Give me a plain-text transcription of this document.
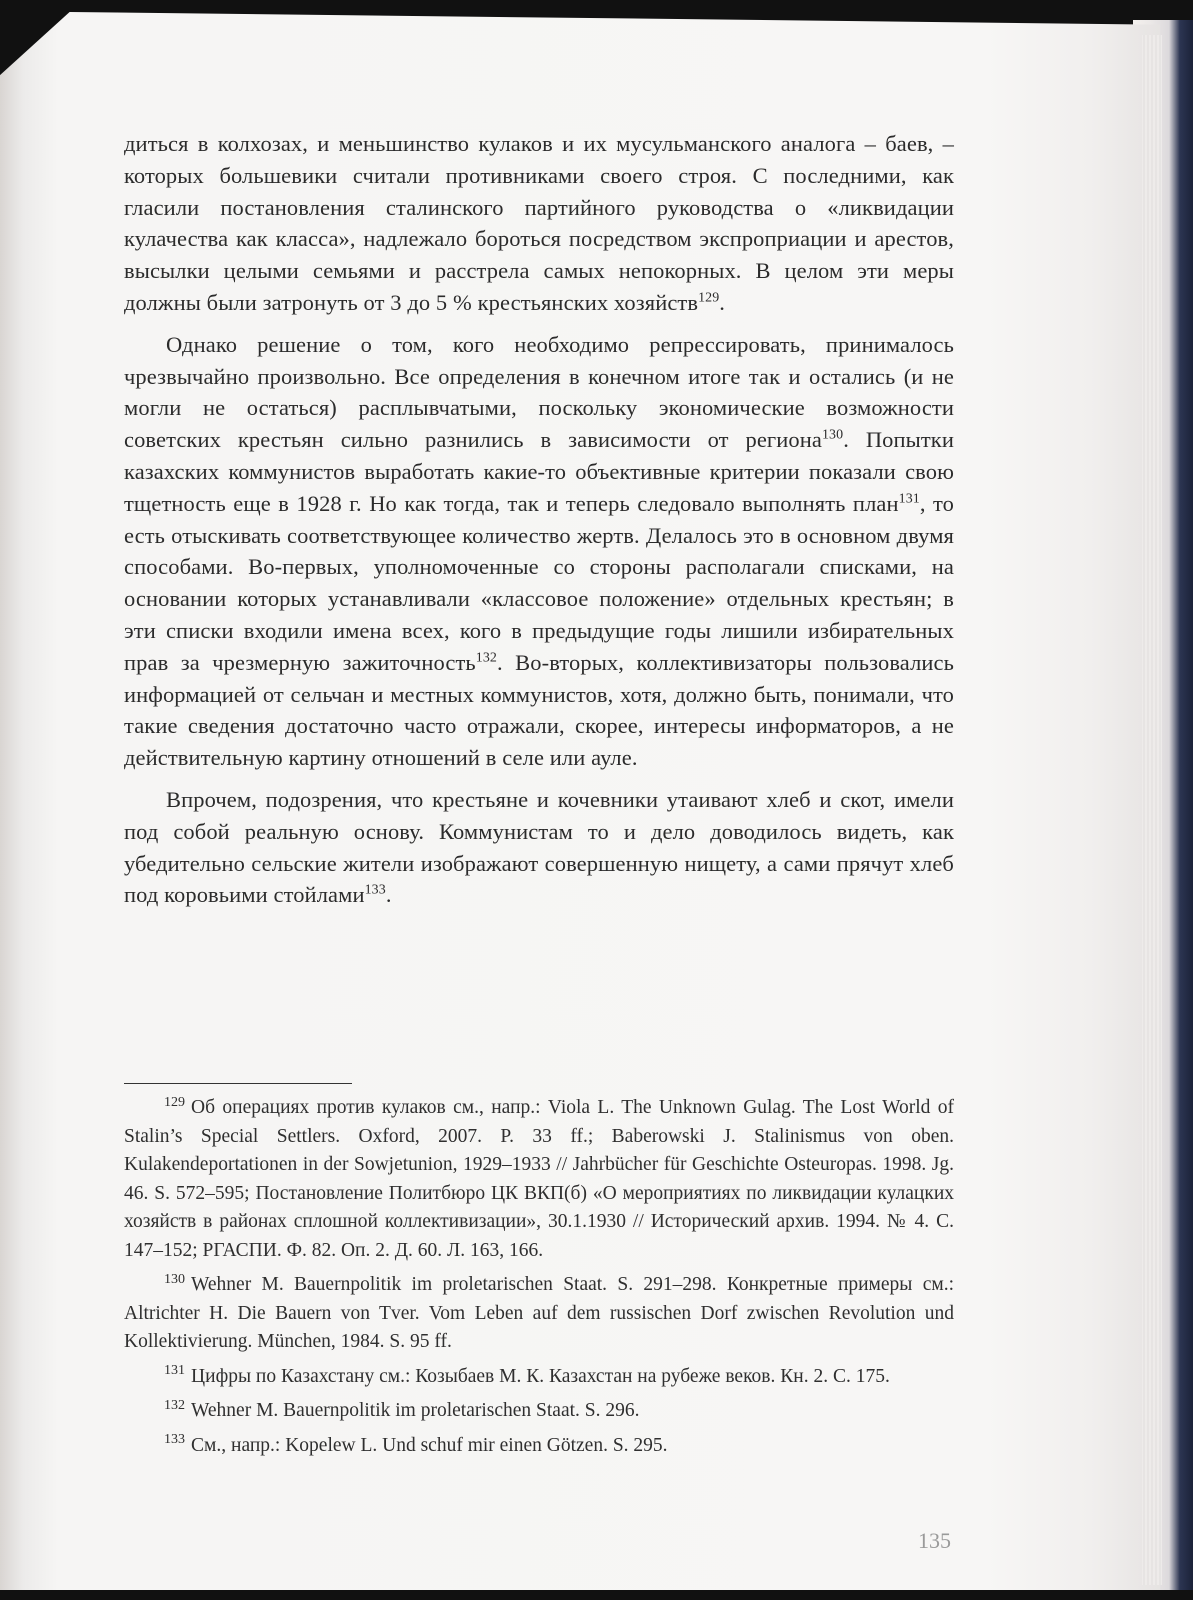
диться в колхозах, и меньшинство кулаков и их мусульманского аналога – баев, – которых большевики считали противниками своего строя. С последними, как гласили постановления сталинского партийного руководства о «ликвидации кулачества как класса», надлежало бороться посредством экспроприации и арестов, высылки целыми семьями и расстрела самых непокорных. В целом эти меры должны были затронуть от 3 до 5 % крестьянских хозяйств$^{129}$.

Однако решение о том, кого необходимо репрессировать, принималось чрезвычайно произвольно. Все определения в конечном итоге так и остались (и не могли не остаться) расплывчатыми, поскольку экономические возможности советских крестьян сильно разнились в зависимости от региона$^{130}$. Попытки казахских коммунистов выработать какие-то объективные критерии показали свою тщетность еще в 1928 г. Но как тогда, так и теперь следовало выполнять план$^{131}$, то есть отыскивать соответствующее количество жертв. Делалось это в основном двумя способами. Во-первых, уполномоченные со стороны располагали списками, на основании которых устанавливали «классовое положение» отдельных крестьян; в эти списки входили имена всех, кого в предыдущие годы лишили избирательных прав за чрезмерную зажиточность$^{132}$. Во-вторых, коллективизаторы пользовались информацией от сельчан и местных коммунистов, хотя, должно быть, понимали, что такие сведения достаточно часто отражали, скорее, интересы информаторов, а не действительную картину отношений в селе или ауле.

Впрочем, подозрения, что крестьяне и кочевники утаивают хлеб и скот, имели под собой реальную основу. Коммунистам то и дело доводилось видеть, как убедительно сельские жители изображают совершенную нищету, а сами прячут хлеб под коровьими стойлами$^{133}$.

$^{129}$ Об операциях против кулаков см., напр.: Viola L. The Unknown Gulag. The Lost World of Stalin’s Special Settlers. Oxford, 2007. P. 33 ff.; Baberowski J. Stalinismus von oben. Kulakendeportationen in der Sowjetunion, 1929–1933 // Jahrbücher für Geschichte Osteuropas. 1998. Jg. 46. S. 572–595; Постановление Политбюро ЦК ВКП(б) «О мероприятиях по ликвидации кулацких хозяйств в районах сплошной коллективизации», 30.1.1930 // Исторический архив. 1994. № 4. С. 147–152; РГАСПИ. Ф. 82. Оп. 2. Д. 60. Л. 163, 166.

$^{130}$ Wehner M. Bauernpolitik im proletarischen Staat. S. 291–298. Конкретные примеры см.: Altrichter H. Die Bauern von Tver. Vom Leben auf dem russischen Dorf zwischen Revolution und Kollektivierung. München, 1984. S. 95 ff.

$^{131}$ Цифры по Казахстану см.: Козыбаев М. К. Казахстан на рубеже веков. Кн. 2. С. 175.

$^{132}$ Wehner M. Bauernpolitik im proletarischen Staat. S. 296.

$^{133}$ См., напр.: Kopelew L. Und schuf mir einen Götzen. S. 295.

135
